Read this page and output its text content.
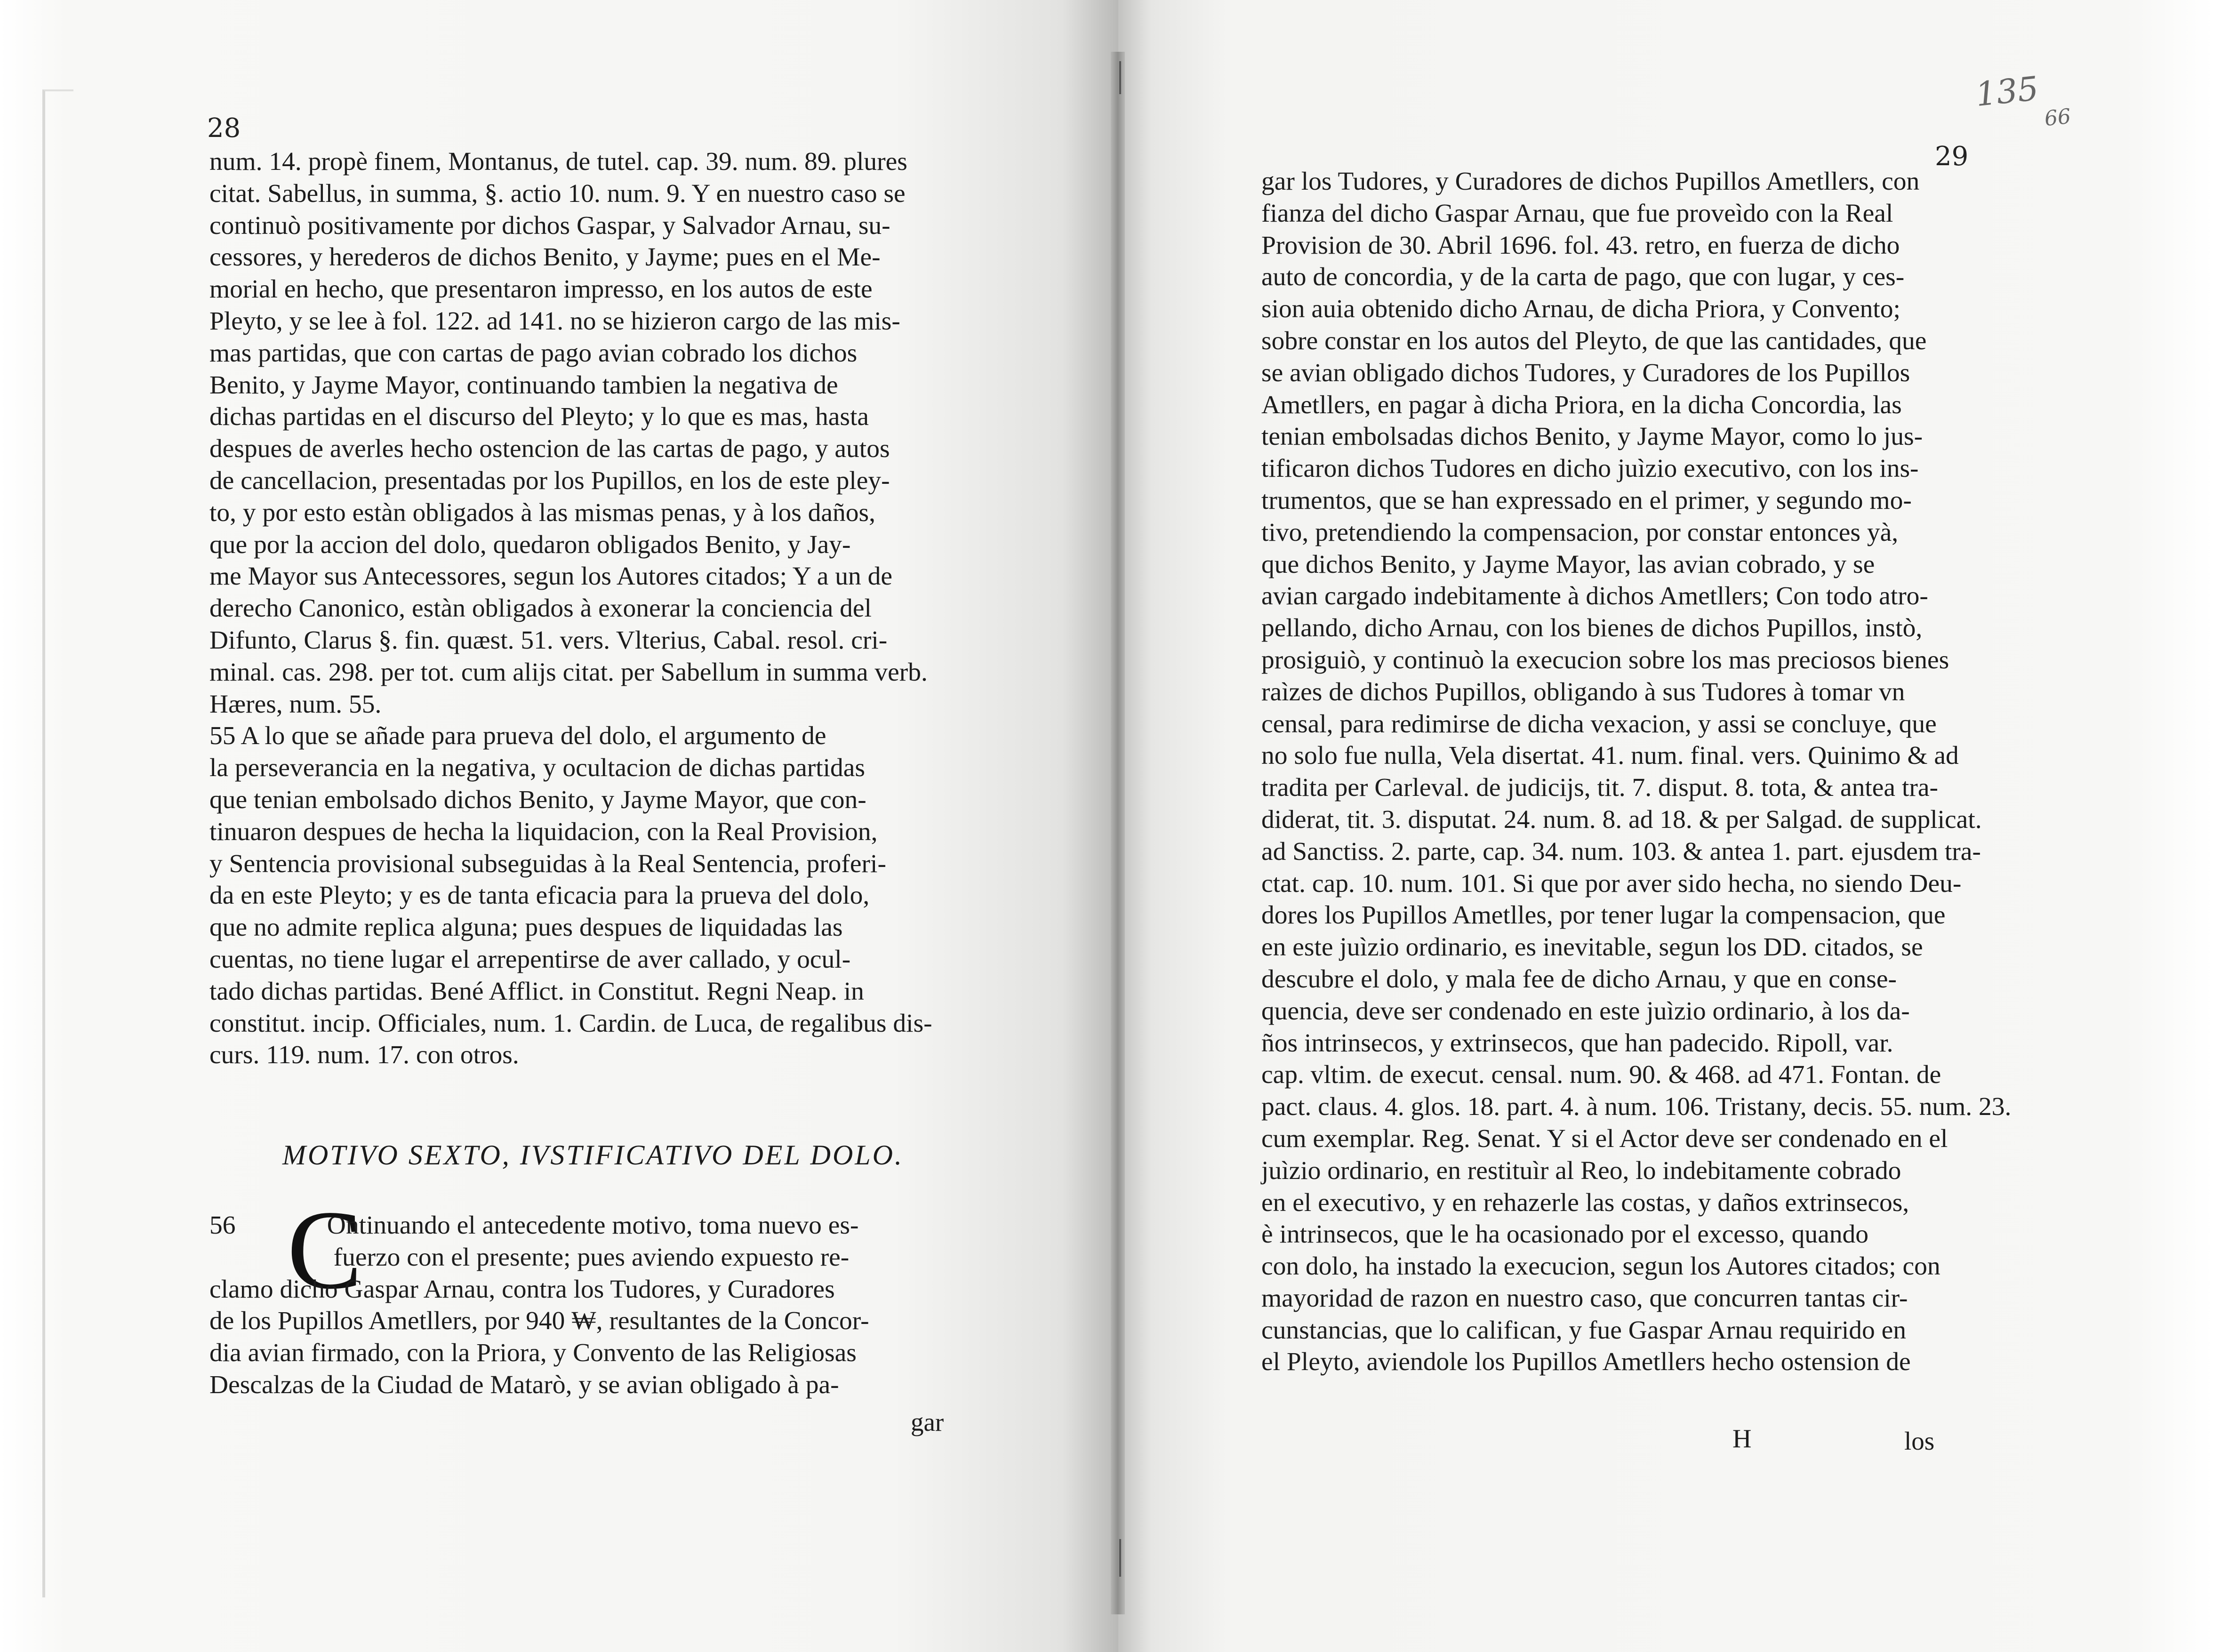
28
num. 14. propè finem, Montanus, de tutel. cap. 39. num. 89. plures
citat. Sabellus, in summa, §. actio 10. num. 9. Y en nuestro caso se
continuò positivamente por dichos Gaspar, y Salvador Arnau, su-
cessores, y herederos de dichos Benito, y Jayme; pues en el Me-
morial en hecho, que presentaron impresso, en los autos de este
Pleyto, y se lee à fol. 122. ad 141. no se hizieron cargo de las mis-
mas partidas, que con cartas de pago avian cobrado los dichos
Benito, y Jayme Mayor, continuando tambien la negativa de
dichas partidas en el discurso del Pleyto; y lo que es mas, hasta
despues de averles hecho ostencion de las cartas de pago, y autos
de cancellacion, presentadas por los Pupillos, en los de este pley-
to, y por esto estàn obligados à las mismas penas, y à los daños,
que por la accion del dolo, quedaron obligados Benito, y Jay-
me Mayor sus Antecessores, segun los Autores citados; Y a un de
derecho Canonico, estàn obligados à exonerar la conciencia del
Difunto, Clarus §. fin. quæst. 51. vers. Vlterius, Cabal. resol. cri-
minal. cas. 298. per tot. cum alijs citat. per Sabellum in summa verb.
Hæres, num. 55.
55 A lo que se añade para prueva del dolo, el argumento de
la perseverancia en la negativa, y ocultacion de dichas partidas
que tenian embolsado dichos Benito, y Jayme Mayor, que con-
tinuaron despues de hecha la liquidacion, con la Real Provision,
y Sentencia provisional subseguidas à la Real Sentencia, proferi-
da en este Pleyto; y es de tanta eficacia para la prueva del dolo,
que no admite replica alguna; pues despues de liquidadas las
cuentas, no tiene lugar el arrepentirse de aver callado, y ocul-
tado dichas partidas. Bené Afflict. in Constitut. Regni Neap. in
constitut. incip. Officiales, num. 1. Cardin. de Luca, de regalibus dis-
curs. 119. num. 17. con otros.
MOTIVO SEXTO, IVSTIFICATIVO DEL DOLO.
C
56              Ontinuando el antecedente motivo, toma nuevo es-
fuerzo con el presente; pues aviendo expuesto re-
clamo dicho Gaspar Arnau, contra los Tudores, y Curadores
de los Pupillos Ametllers, por 940 ₩, resultantes de la Concor-
dia avian firmado, con la Priora, y Convento de las Religiosas
Descalzas de la Ciudad de Matarò, y se avian obligado à pa-
gar
29
gar los Tudores, y Curadores de dichos Pupillos Ametllers, con
fianza del dicho Gaspar Arnau, que fue proveìdo con la Real
Provision de 30. Abril 1696. fol. 43. retro, en fuerza de dicho
auto de concordia, y de la carta de pago, que con lugar, y ces-
sion auia obtenido dicho Arnau, de dicha Priora, y Convento;
sobre constar en los autos del Pleyto, de que las cantidades, que
se avian obligado dichos Tudores, y Curadores de los Pupillos
Ametllers, en pagar à dicha Priora, en la dicha Concordia, las
tenian embolsadas dichos Benito, y Jayme Mayor, como lo jus-
tificaron dichos Tudores en dicho juìzio executivo, con los ins-
trumentos, que se han expressado en el primer, y segundo mo-
tivo, pretendiendo la compensacion, por constar entonces yà,
que dichos Benito, y Jayme Mayor, las avian cobrado, y se
avian cargado indebitamente à dichos Ametllers; Con todo atro-
pellando, dicho Arnau, con los bienes de dichos Pupillos, instò,
prosiguiò, y continuò la execucion sobre los mas preciosos bienes
raìzes de dichos Pupillos, obligando à sus Tudores à tomar vn
censal, para redimirse de dicha vexacion, y assi se concluye, que
no solo fue nulla, Vela disertat. 41. num. final. vers. Quinimo & ad
tradita per Carleval. de judicijs, tit. 7. disput. 8. tota, & antea tra-
diderat, tit. 3. disputat. 24. num. 8. ad 18. & per Salgad. de supplicat.
ad Sanctiss. 2. parte, cap. 34. num. 103. & antea 1. part. ejusdem tra-
ctat. cap. 10. num. 101. Si que por aver sido hecha, no siendo Deu-
dores los Pupillos Ametlles, por tener lugar la compensacion, que
en este juìzio ordinario, es inevitable, segun los DD. citados, se
descubre el dolo, y mala fee de dicho Arnau, y que en conse-
quencia, deve ser condenado en este juìzio ordinario, à los da-
ños intrinsecos, y extrinsecos, que han padecido. Ripoll, var.
cap. vltim. de execut. censal. num. 90. & 468. ad 471. Fontan. de
pact. claus. 4. glos. 18. part. 4. à num. 106. Tristany, decis. 55. num. 23.
cum exemplar. Reg. Senat. Y si el Actor deve ser condenado en el
juìzio ordinario, en restituìr al Reo, lo indebitamente cobrado
en el executivo, y en rehazerle las costas, y daños extrinsecos,
è intrinsecos, que le ha ocasionado por el excesso, quando
con dolo, ha instado la execucion, segun los Autores citados; con
mayoridad de razon en nuestro caso, que concurren tantas cir-
cunstancias, que lo califican, y fue Gaspar Arnau requirido en
el Pleyto, aviendole los Pupillos Ametllers hecho ostension de
H	los
135
66
